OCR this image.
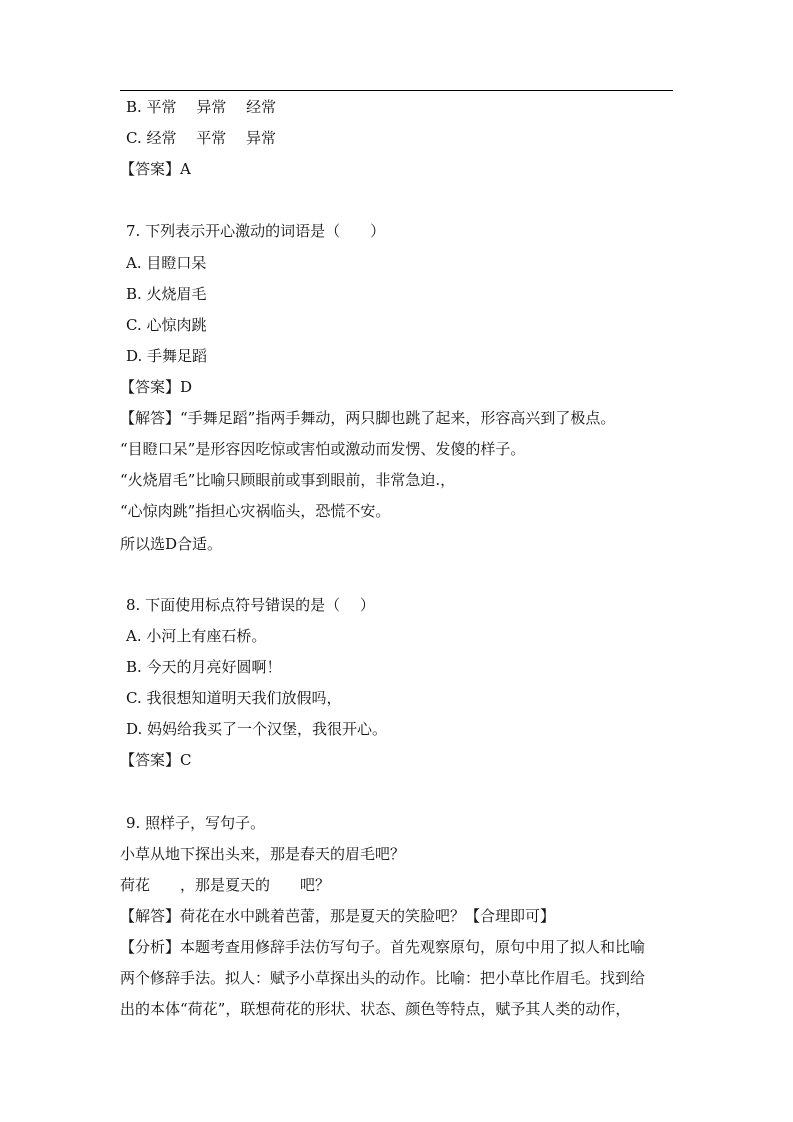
B. 平常　 异常　 经常
C. 经常　 平常　 异常
【答案】A
7. 下列表示开心激动的词语是（　　）
A. 目瞪口呆
B. 火烧眉毛
C. 心惊肉跳
D. 手舞足蹈
【答案】D
【解答】“手舞足蹈”指两手舞动，两只脚也跳了起来，形容高兴到了极点。
“目瞪口呆”是形容因吃惊或害怕或激动而发愣、发傻的样子。
“火烧眉毛”比喻只顾眼前或事到眼前，非常急迫.，
“心惊肉跳”指担心灾祸临头，恐慌不安。
所以选D合适。
8. 下面使用标点符号错误的是（　 ）
A. 小河上有座石桥。
B. 今天的月亮好圆啊！
C. 我很想知道明天我们放假吗，
D. 妈妈给我买了一个汉堡，我很开心。
【答案】C
9. 照样子，写句子。
小草从地下探出头来，那是春天的眉毛吧？
荷花　　，那是夏天的　　吧？
【解答】荷花在水中跳着芭蕾，那是夏天的笑脸吧？【合理即可】
【分析】本题考查用修辞手法仿写句子。首先观察原句，原句中用了拟人和比喻
两个修辞手法。拟人：赋予小草探出头的动作。比喻：把小草比作眉毛。找到给
出的本体“荷花”，联想荷花的形状、状态、颜色等特点，赋予其人类的动作，
